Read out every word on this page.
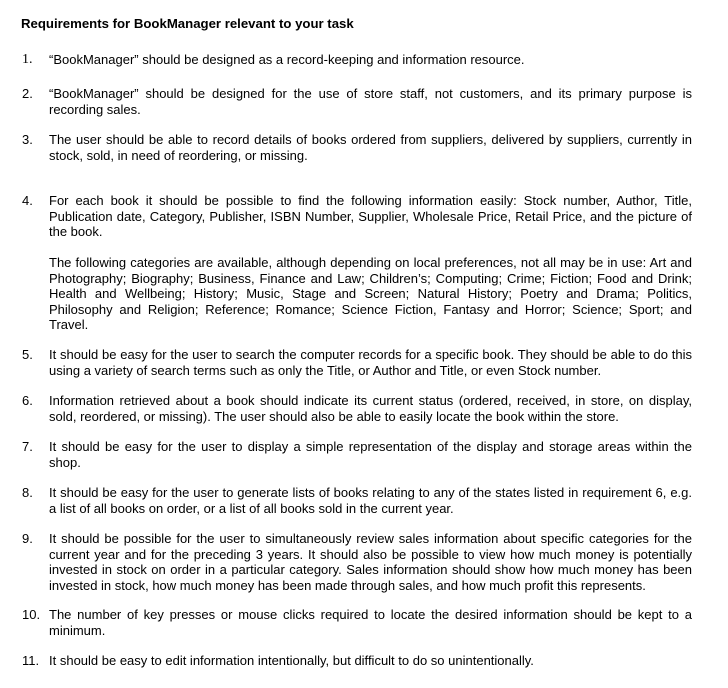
Requirements for BookManager relevant to your task
1.	“BookManager” should be designed as a record-keeping and information resource.
2.	“BookManager” should be designed for the use of store staff, not customers, and its primary purpose is recording sales.
3.	The user should be able to record details of books ordered from suppliers, delivered by suppliers, currently in stock, sold, in need of reordering, or missing.
4.	For each book it should be possible to find the following information easily: Stock number, Author, Title, Publication date, Category, Publisher, ISBN Number, Supplier, Wholesale Price, Retail Price, and the picture of the book.
The following categories are available, although depending on local preferences, not all may be in use: Art and Photography; Biography; Business, Finance and Law; Children’s; Computing; Crime; Fiction; Food and Drink; Health and Wellbeing; History; Music, Stage and Screen; Natural History; Poetry and Drama; Politics, Philosophy and Religion; Reference; Romance; Science Fiction, Fantasy and Horror; Science; Sport; and Travel.
5.	It should be easy for the user to search the computer records for a specific book. They should be able to do this using a variety of search terms such as only the Title, or Author and Title, or even Stock number.
6.	Information retrieved about a book should indicate its current status (ordered, received, in store, on display, sold, reordered, or missing). The user should also be able to easily locate the book within the store.
7.	It should be easy for the user to display a simple representation of the display and storage areas within the shop.
8.	It should be easy for the user to generate lists of books relating to any of the states listed in requirement 6, e.g. a list of all books on order, or a list of all books sold in the current year.
9.	It should be possible for the user to simultaneously review sales information about specific categories for the current year and for the preceding 3 years. It should also be possible to view how much money is potentially invested in stock on order in a particular category. Sales information should show how much money has been invested in stock, how much money has been made through sales, and how much profit this represents.
10. The number of key presses or mouse clicks required to locate the desired information should be kept to a minimum.
11. It should be easy to edit information intentionally, but difficult to do so unintentionally.
